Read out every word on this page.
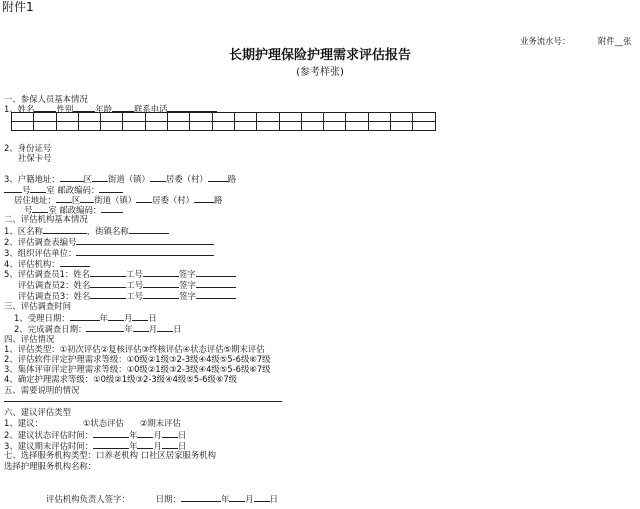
附件1
业务流水号：	附件__张
长期护理保险护理需求评估报告
(参考样张)
一、参保人员基本情况
1、姓名	性别	年龄	联系电话

2、身份证号
社保卡号
3、户籍地址：	区 街道（镇） 居委（村） 路
号 室 邮政编码：
居住地址： 区 街道（镇） 居委（村） 路
号 室 邮政编码：
二、评估机构基本情况
1、区名称	，街镇名称
2、评估调查表编号
3、组织评估单位：
4、评估机构：
5、评估调查员1：姓名	工号	签字
评估调查员2：姓名	工号	签字
评估调查员3：姓名	工号	签字
三、评估调查时间
1、受理日期：	年 月 日
2、完成调查日期：	年 月 日
四、评估情况
1、评估类型：①初次评估②复核评估③终核评估④状态评估⑤期末评估
2、评估软件评定护理需求等级：①0级②1级③2-3级④4级⑤5-6级⑥7级
3、集体评审评定护理需求等级：①0级②1级③2-3级④4级⑤5-6级⑥7级
4、确定护理需求等级：①0级②1级③2-3级④4级⑤5-6级⑥7级
五、需要说明的情况
六、建议评估类型
1、建议：	①状态评估 ②期末评估
2、建议状态评估时间：	年 月 日
3、建议期末评估时间：	年 月 日
七、选择服务机构类型：口养老机构 口社区居家服务机构
选择护理服务机构名称：
评估机构负责人签字：	日期：	年 月 日
